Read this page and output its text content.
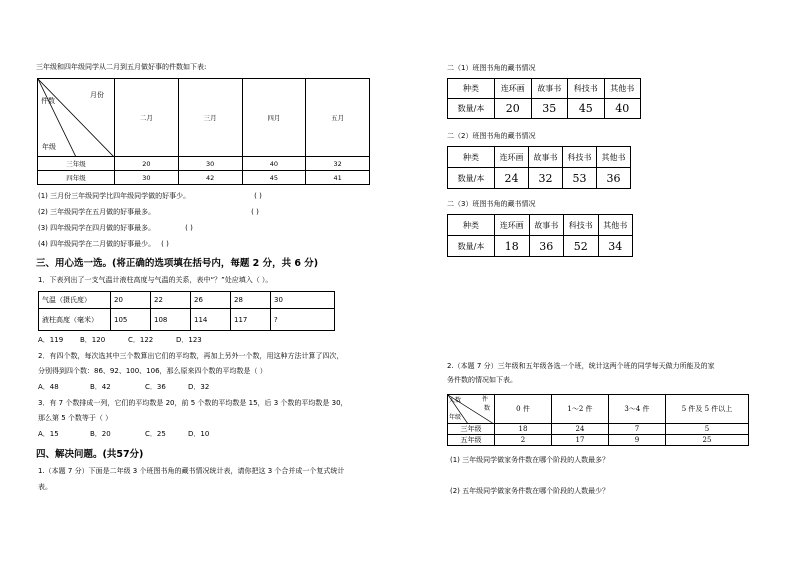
三年级和四年级同学从二月到五月做好事的件数如下表:
月份
件数
年级	二月	三月	四月	五月
三年级	20	30	40	32
四年级	30	42	45	41
(1) 三月份三年级同学比四年级同学做的好事少。	( )
(2) 三年级同学在五月做的好事最多。	( )
(3) 四年级同学在四月做的好事最多。	( )
(4) 四年级同学在二月做的好事最少。 ( )
三、用心选一选。(将正确的选项填在括号内，每题 2 分，共 6 分)
1．下表列出了一支气温计液柱高度与气温的关系，表中“？”处应填入（ ）。
气温（摄氏度）	20	22	26	28	30
液柱高度（毫米）	105	108	114	117	?
A．119 B．120	C．122	D．123
2．有四个数，每次选其中三个数算出它们的平均数，再加上另外一个数，用这种方法计算了四次，
分别得到四个数：86、92、100、106，那么原来四个数的平均数是（ ）
A．48	B．42	C．36	D．32
3．有 7 个数排成一列，它们的平均数是 20，前 5 个数的平均数是 15，后 3 个数的平均数是 30，
那么第 5 个数等于（ ）
A．15	B．20	C．25	D．10
四、解决问题。(共57分)
1.（本题 7 分）下面是二年级 3 个班图书角的藏书情况统计表，请你把这 3 个合并成一个复式统计
表。
二（1）班图书角的藏书情况
种类	连环画	故事书	科技书	其他书
数量/本	20	35	45	40
二（2）班图书角的藏书情况
种类	连环画	故事书	科技书	其他书
数量/本	24	32	53	36
二（3）班图书角的藏书情况
种类	连环画	故事书	科技书	其他书
数量/本	18	36	52	34
2.（本题 7 分）三年级和五年级各选一个班，统计这两个班的同学每天做力所能及的家
务件数的情况如下表。
件
数
人数
年级	0 件	1～2 件	3～4 件	5 件及 5 件以上
三年级	18	24	7	5
五年级	2	17	9	25
(1) 三年级同学做家务件数在哪个阶段的人数最多？
(2) 五年级同学做家务件数在哪个阶段的人数最少？
